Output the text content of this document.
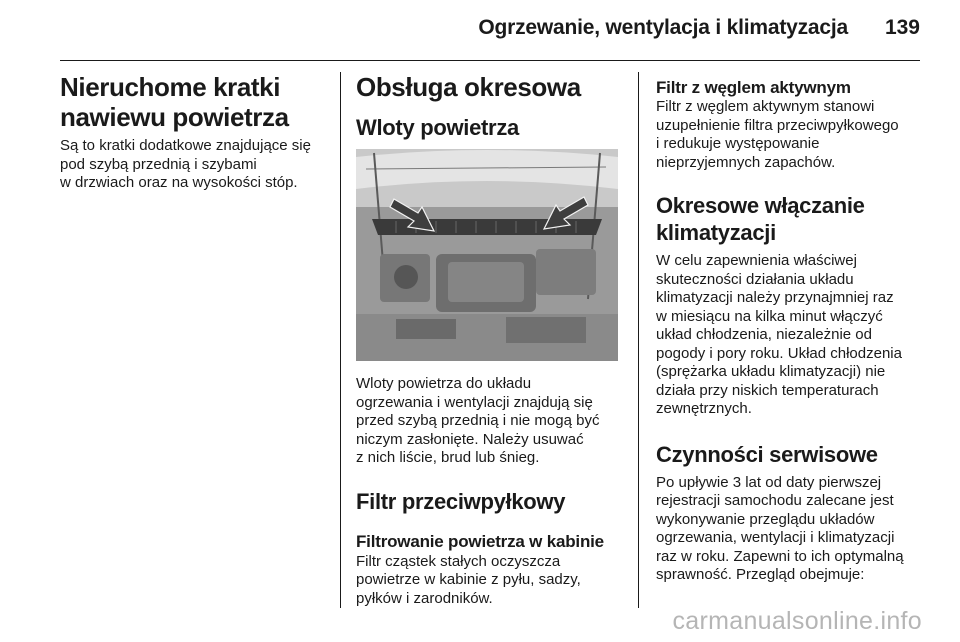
Ogrzewanie, wentylacja i klimatyzacja 139
Nieruchome kratki nawiewu powietrza

Są to kratki dodatkowe znajdujące się
pod szybą przednią i szybami
w drzwiach oraz na wysokości stóp.

Obsługa okresowa
Wloty powietrza

Wloty powietrza do układu
ogrzewania i wentylacji znajdują się
przed szybą przednią i nie mogą być
niczym zasłonięte. Należy usuwać
z nich liście, brud lub śnieg.

Filtr przeciwpyłkowy
Filtrowanie powietrza w kabinie

Filtr cząstek stałych oczyszcza
powietrze w kabinie z pyłu, sadzy,
pyłków i zarodników.

Filtr z węglem aktywnym

Filtr z węglem aktywnym stanowi
uzupełnienie filtra przeciwpyłkowego
i redukuje występowanie
nieprzyjemnych zapachów.

Okresowe włączanie klimatyzacji

W celu zapewnienia właściwej
skuteczności działania układu
klimatyzacji należy przynajmniej raz
w miesiącu na kilka minut włączyć
układ chłodzenia, niezależnie od
pogody i pory roku. Układ chłodzenia
(sprężarka układu klimatyzacji) nie
działa przy niskich temperaturach
zewnętrznych.

Czynności serwisowe

Po upływie 3 lat od daty pierwszej
rejestracji samochodu zalecane jest
wykonywanie przeglądu układów
ogrzewania, wentylacji i klimatyzacji
raz w roku. Zapewni to ich optymalną
sprawność. Przegląd obejmuje:

carmanualsonline.info
